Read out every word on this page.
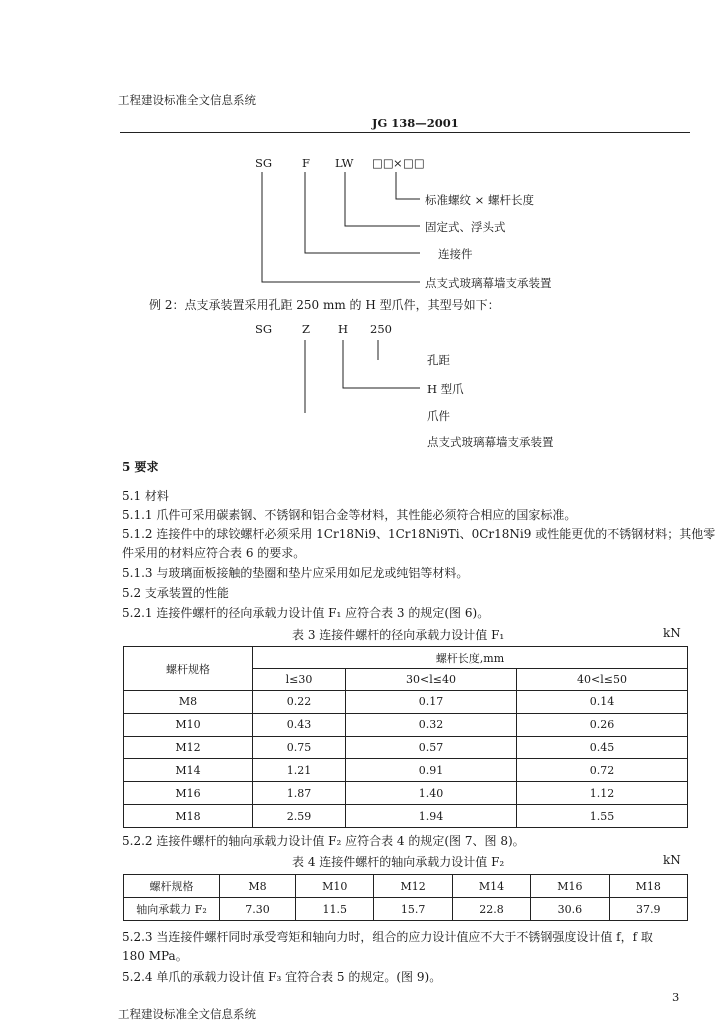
工程建设标准全文信息系统
JG 138—2001
SG	F LW □□ × □□
标准螺纹 × 螺杆长度
固定式、浮头式
连接件
点支式玻璃幕墙支承装置
例 2：点支承装置采用孔距 250 mm 的 H 型爪件，其型号如下：
SG	Z H 250
孔距
H 型爪
爪件
点支式玻璃幕墙支承装置
5 要求
5.1 材料
5.1.1 爪件可采用碳素钢、不锈钢和铝合金等材料，其性能必须符合相应的国家标准。
5.1.2 连接件中的球铰螺杆必须采用 1Cr18Ni9、1Cr18Ni9Ti、0Cr18Ni9 或性能更优的不锈钢材料；其他零
件采用的材料应符合表 6 的要求。
5.1.3 与玻璃面板接触的垫圈和垫片应采用如尼龙或纯铝等材料。
5.2 支承装置的性能
5.2.1 连接件螺杆的径向承载力设计值 F₁ 应符合表 3 的规定(图 6)。
表 3 连接件螺杆的径向承载力设计值 F₁	kN
螺杆规格	螺杆长度,mm		
	l≤30	30<l≤40	40<l≤50
M8	0.22	0.17	0.14
M10	0.43	0.32	0.26
M12	0.75	0.57	0.45
M14	1.21	0.91	0.72
M16	1.87	1.40	1.12
M18	2.59	1.94	1.55
5.2.2 连接件螺杆的轴向承载力设计值 F₂ 应符合表 4 的规定(图 7、图 8)。
表 4 连接件螺杆的轴向承载力设计值 F₂	kN
螺杆规格	M8	M10	M12	M14	M16	M18
轴向承载力 F₂	7.30	11.5	15.7	22.8	30.6	37.9
5.2.3 当连接件螺杆同时承受弯矩和轴向力时，组合的应力设计值应不大于不锈钢强度设计值 f，f 取
180 MPa。
5.2.4 单爪的承载力设计值 F₃ 宜符合表 5 的规定。(图 9)。
3
工程建设标准全文信息系统
